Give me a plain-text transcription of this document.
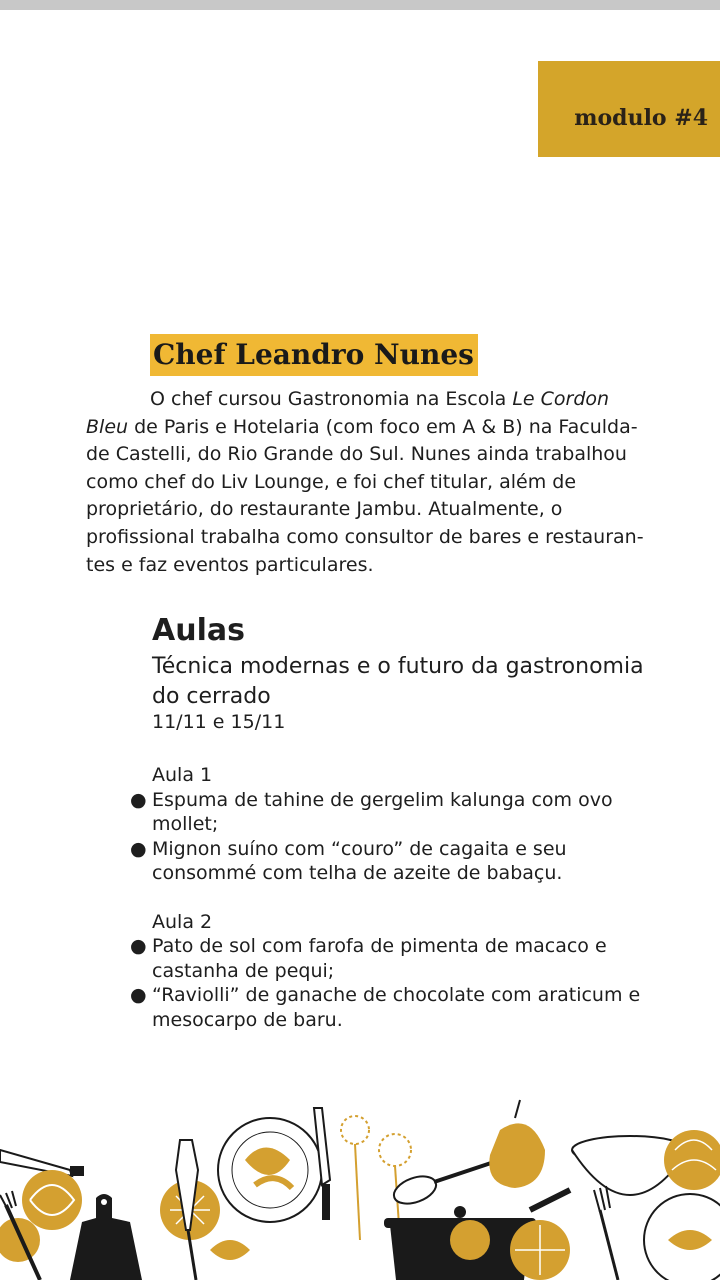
modulo #4
Chef Leandro Nunes
O chef cursou Gastronomia na Escola Le Cordon
Bleu de Paris e Hotelaria (com foco em A & B) na Faculda-
de Castelli, do Rio Grande do Sul. Nunes ainda trabalhou
como chef do Liv Lounge, e foi chef titular, além de
proprietário, do restaurante Jambu. Atualmente, o
profissional trabalha como consultor de bares e restauran-
tes e faz eventos particulares.
Aulas
Técnica modernas e o futuro da gastronomia
do cerrado
11/11 e 15/11
Aula 1
● Espuma de tahine de gergelim kalunga com ovo
mollet;
● Mignon suíno com “couro” de cagaita e seu
consommé com telha de azeite de babaçu.
Aula 2
● Pato de sol com farofa de pimenta de macaco e
castanha de pequi;
● “Raviolli” de ganache de chocolate com araticum e
mesocarpo de baru.
